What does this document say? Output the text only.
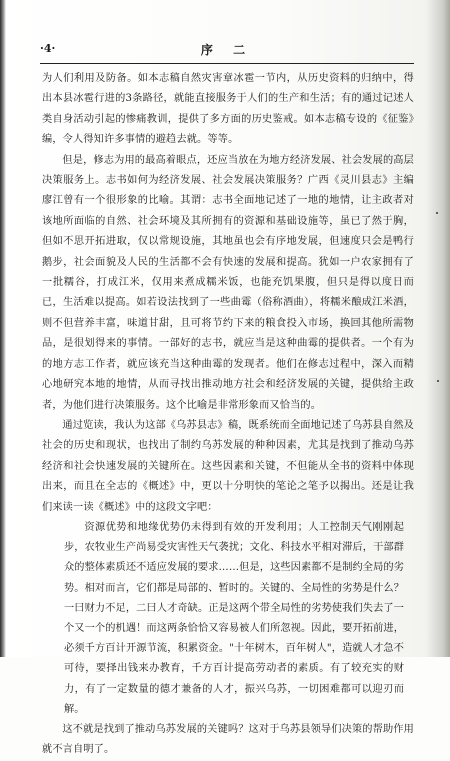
·4·	序 二

为人们利用及防备。如本志稿自然灾害章冰雹一节内，从历史资料的归纳中，得出本县冰雹行进的3条路径，就能直接服务于人们的生产和生活；有的通过记述人类自身活动引起的惨痛教训，提供了多方面的历史鉴戒。如本志稿专设的《征鉴》编，令人得知许多事情的避趋去就。等等。

但是，修志为用的最高着眼点，还应当放在为地方经济发展、社会发展的高层决策服务上。志书如何为经济发展、社会发展决策服务？广西《灵川县志》主编廖江曾有一个很形象的比喻。其谓：志书全面地记述了一地的地情，让主政者对该地所面临的自然、社会环境及其所拥有的资源和基础设施等，虽已了然于胸，但如不思开拓进取，仅以常规设施，其地虽也会有序地发展，但速度只会是鸭行鹅步，社会面貌及人民的生活都不会有快速的发展和提高。犹如一户农家拥有了一批糯谷，打成江米，仅用来煮成糯米饭，也能充饥果腹，但只是得以度日而已，生活难以提高。如若设法找到了一些曲霉（俗称酒曲），将糯米酿成江米酒，则不但营养丰富，味道甘甜，且可将节约下来的粮食投入市场，换回其他所需物品，是很划得来的事情。一部好的志书，就应当是这种曲霉的提供者。一个有为的地方志工作者，就应该充当这种曲霉的发现者。他们在修志过程中，深入而精心地研究本地的地情，从而寻找出推动地方社会和经济发展的关键，提供给主政者，为他们进行决策服务。这个比喻是非常形象而又恰当的。

通过览读，我认为这部《乌苏县志》稿，既系统而全面地记述了乌苏县自然及社会的历史和现状，也找出了制约乌苏发展的种种因素，尤其是找到了推动乌苏经济和社会快速发展的关键所在。这些因素和关键，不但能从全书的资料中体现出来，而且在全志的《概述》中，更以十分明快的笔论之笔予以揭出。还是让我们来读一读《概述》中的这段文字吧：

资源优势和地缘优势仍未得到有效的开发利用；人工控制天气刚刚起步，农牧业生产尚易受灾害性天气袭扰；文化、科技水平相对滞后，干部群众的整体素质还不适应发展的要求……但是，这些因素都不是制约全局的劣势。相对而言，它们都是局部的、暂时的。关键的、全局性的劣势是什么？一曰财力不足，二曰人才奇缺。正是这两个带全局性的劣势使我们失去了一个又一个的机遇！而这两条恰恰又容易被人们所忽视。因此，要开拓前进，必须千方百计开源节流，积累资金。"十年树木，百年树人"，造就人才急不可待，要择出钱来办教育，千方百计提高劳动者的素质。有了较充实的财力，有了一定数量的德才兼备的人才，振兴乌苏，一切困难都可以迎刃而解。

这不就是找到了推动乌苏发展的关键吗？这对于乌苏县领导们决策的帮助作用就不言自明了。
